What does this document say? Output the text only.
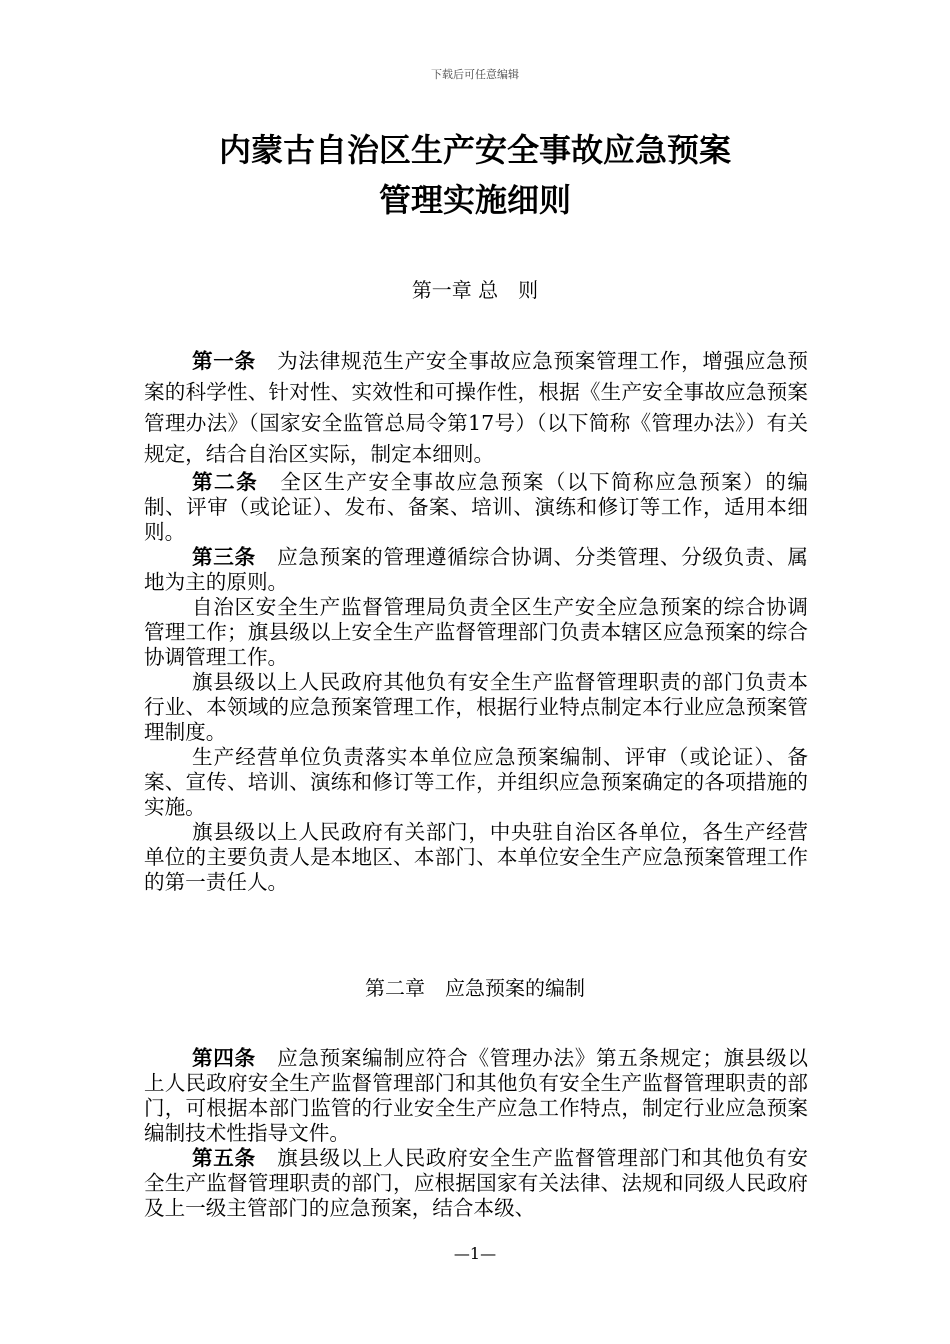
下载后可任意编辑
内蒙古自治区生产安全事故应急预案
管理实施细则
第一章 总　则

第一条　 为法律规范生产安全事故应急预案管理工作，增强应急预案的科学性、针对性、实效性和可操作性，根据《生产安全事故应急预案管理办法》（国家安全监管总局令第17号）（以下简称《管理办法》）有关规定，结合自治区实际，制定本细则。

第二条　 全区生产安全事故应急预案（以下简称应急预案）的编制、评审（或论证）、发布、备案、培训、演练和修订等工作，适用本细则。

第三条　 应急预案的管理遵循综合协调、分类管理、分级负责、属地为主的原则。

自治区安全生产监督管理局负责全区生产安全应急预案的综合协调管理工作；旗县级以上安全生产监督管理部门负责本辖区应急预案的综合协调管理工作。

旗县级以上人民政府其他负有安全生产监督管理职责的部门负责本行业、本领域的应急预案管理工作，根据行业特点制定本行业应急预案管理制度。

生产经营单位负责落实本单位应急预案编制、评审（或论证）、备案、宣传、培训、演练和修订等工作，并组织应急预案确定的各项措施的实施。

旗县级以上人民政府有关部门，中央驻自治区各单位，各生产经营单位的主要负责人是本地区、本部门、本单位安全生产应急预案管理工作的第一责任人。

第二章　应急预案的编制

第四条　 应急预案编制应符合《管理办法》第五条规定；旗县级以上人民政府安全生产监督管理部门和其他负有安全生产监督管理职责的部门，可根据本部门监管的行业安全生产应急工作特点，制定行业应急预案编制技术性指导文件。

第五条　 旗县级以上人民政府安全生产监督管理部门和其他负有安全生产监督管理职责的部门，应根据国家有关法律、法规和同级人民政府及上一级主管部门的应急预案，结合本级、

—1—
